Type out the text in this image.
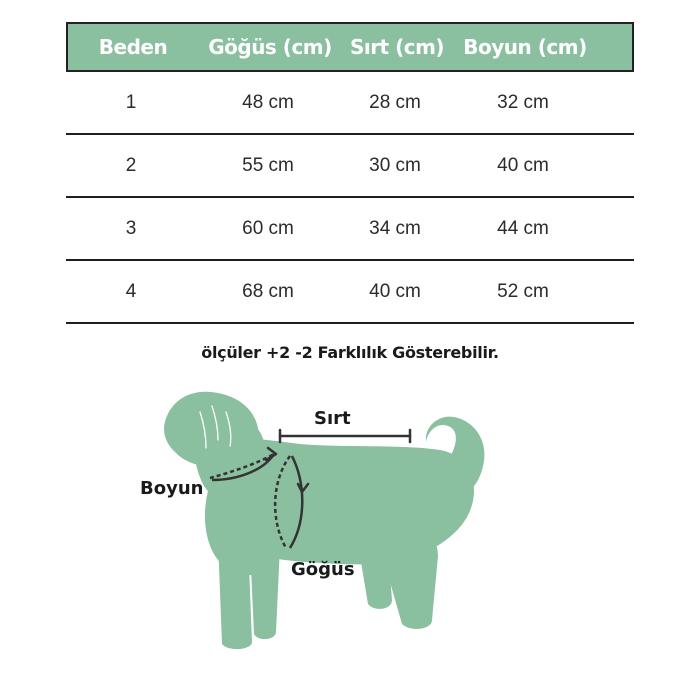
Beden Göğüs (cm) Sırt (cm) Boyun (cm)
1	48 cm	28 cm	32 cm
2	55 cm	30 cm	40 cm
3	60 cm	34 cm	44 cm
4	68 cm	40 cm	52 cm
ölçüler +2 -2 Farklılık Gösterebilir.
Sırt
Boyun
Göğüs
